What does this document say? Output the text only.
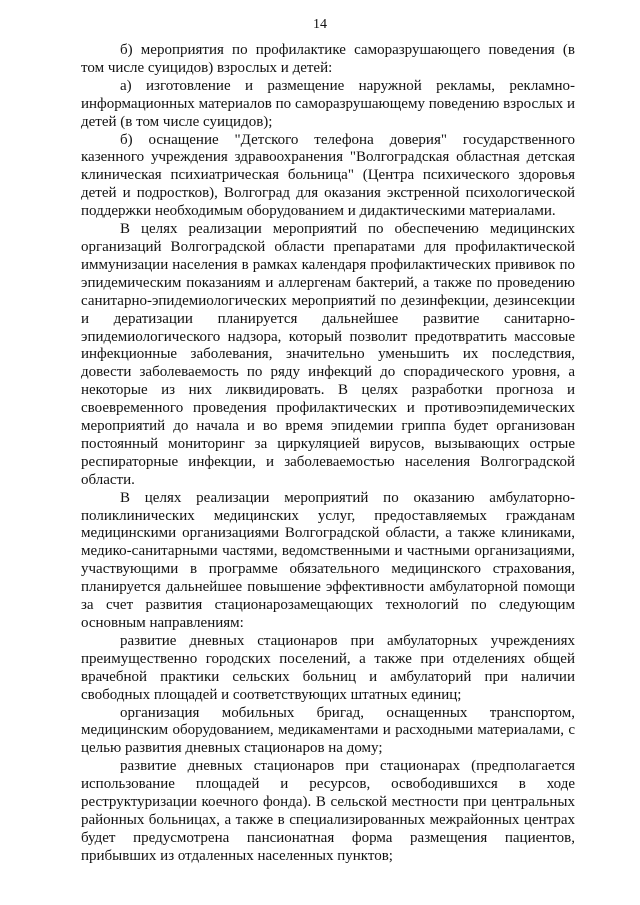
14

б) мероприятия по профилактике саморазрушающего поведения (в том числе суицидов) взрослых и детей:

а) изготовление и размещение наружной рекламы, рекламно-информационных материалов по саморазрушающему поведению взрослых и детей (в том числе суицидов);

б) оснащение "Детского телефона доверия" государственного казенного учреждения здравоохранения "Волгоградская областная детская клиническая психиатрическая больница" (Центра психического здоровья детей и подростков), Волгоград для оказания экстренной психологической поддержки необходимым оборудованием и дидактическими материалами.

В целях реализации мероприятий по обеспечению медицинских организаций Волгоградской области препаратами для профилактической иммунизации населения в рамках календаря профилактических прививок по эпидемическим показаниям и аллергенам бактерий, а также по проведению санитарно-эпидемиологических мероприятий по дезинфекции, дезинсекции и дератизации планируется дальнейшее развитие санитарно-эпидемиологического надзора, который позволит предотвратить массовые инфекционные заболевания, значительно уменьшить их последствия, довести заболеваемость по ряду инфекций до спорадического уровня, а некоторые из них ликвидировать. В целях разработки прогноза и своевременного проведения профилактических и противоэпидемических мероприятий до начала и во время эпидемии гриппа будет организован постоянный мониторинг за циркуляцией вирусов, вызывающих острые респираторные инфекции, и заболеваемостью населения Волгоградской области.

В целях реализации мероприятий по оказанию амбулаторно-поликлинических медицинских услуг, предоставляемых гражданам медицинскими организациями Волгоградской области, а также клиниками, медико-санитарными частями, ведомственными и частными организациями, участвующими в программе обязательного медицинского страхования, планируется дальнейшее повышение эффективности амбулаторной помощи за счет развития стационарозамещающих технологий по следующим основным направлениям:

развитие дневных стационаров при амбулаторных учреждениях преимущественно городских поселений, а также при отделениях общей врачебной практики сельских больниц и амбулаторий при наличии свободных площадей и соответствующих штатных единиц;

организация мобильных бригад, оснащенных транспортом, медицинским оборудованием, медикаментами и расходными материалами, с целью развития дневных стационаров на дому;

развитие дневных стационаров при стационарах (предполагается использование площадей и ресурсов, освободившихся в ходе реструктуризации коечного фонда). В сельской местности при центральных районных больницах, а также в специализированных межрайонных центрах будет предусмотрена пансионатная форма размещения пациентов, прибывших из отдаленных населенных пунктов;
